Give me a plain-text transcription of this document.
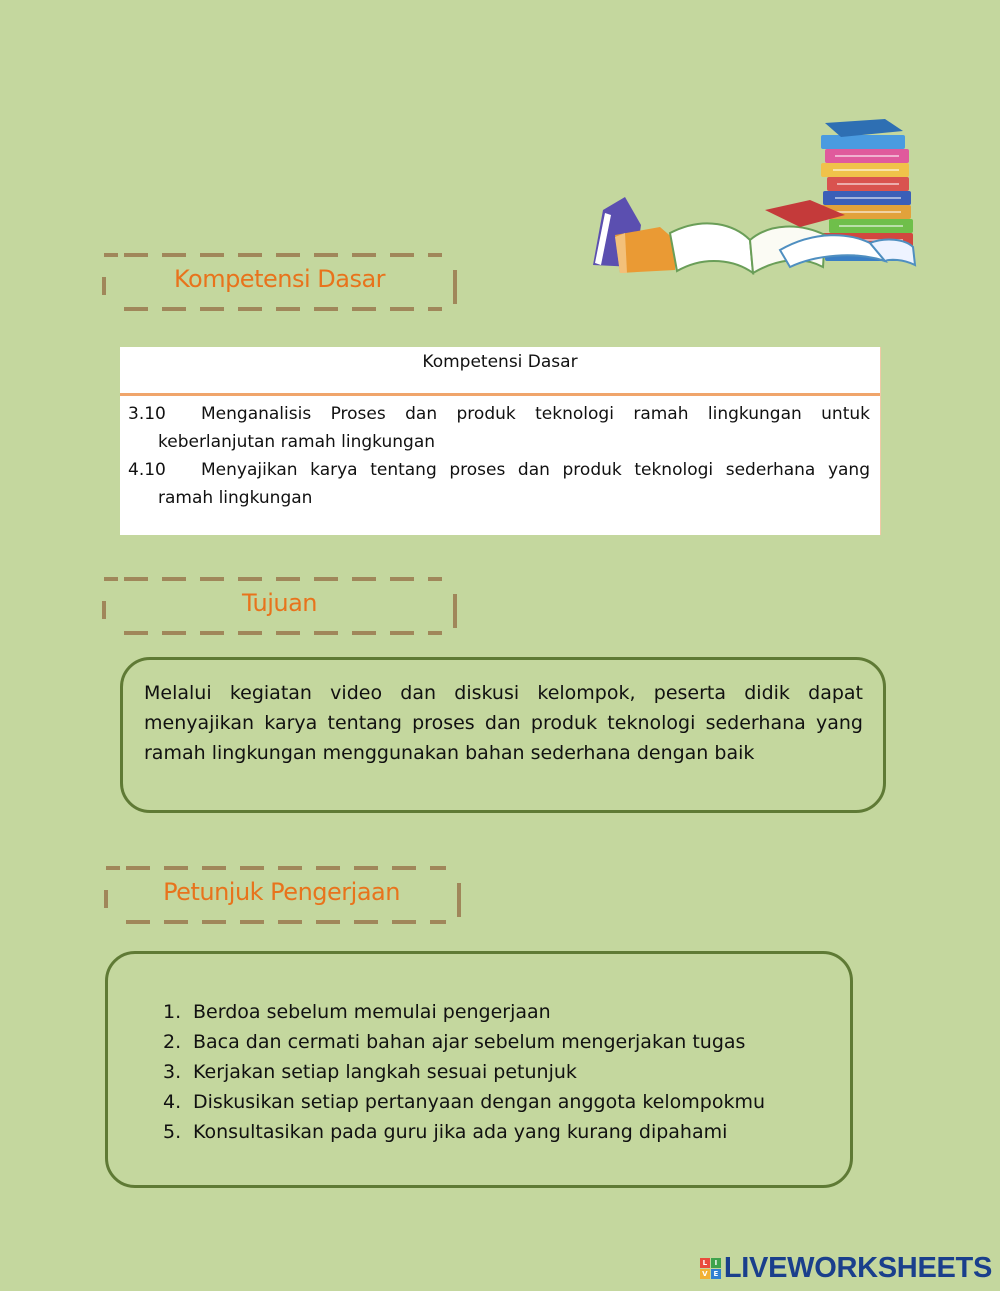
Kompetensi Dasar
Kompetensi Dasar
3.10 Menganalisis Proses dan produk teknologi ramah lingkungan untuk
keberlanjutan ramah lingkungan
4.10 Menyajikan karya tentang proses dan produk teknologi sederhana yang
ramah lingkungan
Tujuan

Melalui kegiatan video dan diskusi kelompok, peserta didik dapat menyajikan karya tentang proses dan produk teknologi sederhana yang ramah lingkungan menggunakan bahan sederhana dengan baik

Petunjuk Pengerjaan
1. Berdoa sebelum memulai pengerjaan
2. Baca dan cermati bahan ajar sebelum mengerjakan tugas
3. Kerjakan setiap langkah sesuai petunjuk
4. Diskusikan setiap pertanyaan dengan anggota kelompokmu
5. Konsultasikan pada guru jika ada yang kurang dipahami
L	I
V E LIVEWORKSHEETS
